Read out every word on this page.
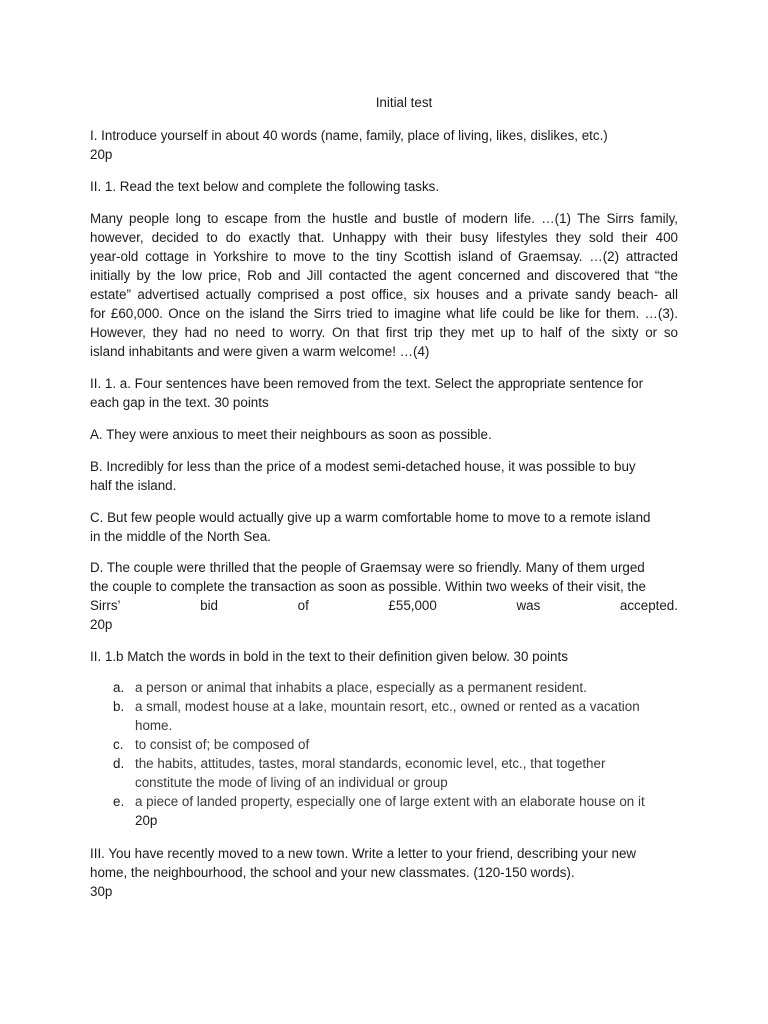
Initial test
I. Introduce yourself in about 40 words (name, family, place of living, likes, dislikes, etc.)
20p
II. 1. Read the text below and complete the following tasks.
Many people long to escape from the hustle and bustle of modern life. …(1) The Sirrs family,
however, decided to do exactly that. Unhappy with their busy lifestyles they sold their 400
year-old cottage in Yorkshire to move to the tiny Scottish island of Graemsay. …(2) attracted
initially by the low price, Rob and Jill contacted the agent concerned and discovered that “the
estate” advertised actually comprised a post office, six houses and a private sandy beach- all
for £60,000. Once on the island the Sirrs tried to imagine what life could be like for them. …(3).
However, they had no need to worry. On that first trip they met up to half of the sixty or so
island inhabitants and were given a warm welcome! …(4)
II. 1. a. Four sentences have been removed from the text. Select the appropriate sentence for
each gap in the text. 30 points
A. They were anxious to meet their neighbours as soon as possible.
B. Incredibly for less than the price of a modest semi-detached house, it was possible to buy
half the island.
C. But few people would actually give up a warm comfortable home to move to a remote island
in the middle of the North Sea.
D. The couple were thrilled that the people of Graemsay were so friendly. Many of them urged
the couple to complete the transaction as soon as possible. Within two weeks of their visit, the
Sirrs’	bid	of	£55,000	was	accepted.
20p
II. 1.b Match the words in bold in the text to their definition given below. 30 points
a. a person or animal that inhabits a place, especially as a permanent resident.
b. a small, modest house at a lake, mountain resort, etc., owned or rented as a vacation
home.
c. to consist of; be composed of
d. the habits, attitudes, tastes, moral standards, economic level, etc., that together
constitute the mode of living of an individual or group
e. a piece of landed property, especially one of large extent with an elaborate house on it
20p
III. You have recently moved to a new town. Write a letter to your friend, describing your new
home, the neighbourhood, the school and your new classmates. (120-150 words).
30p
